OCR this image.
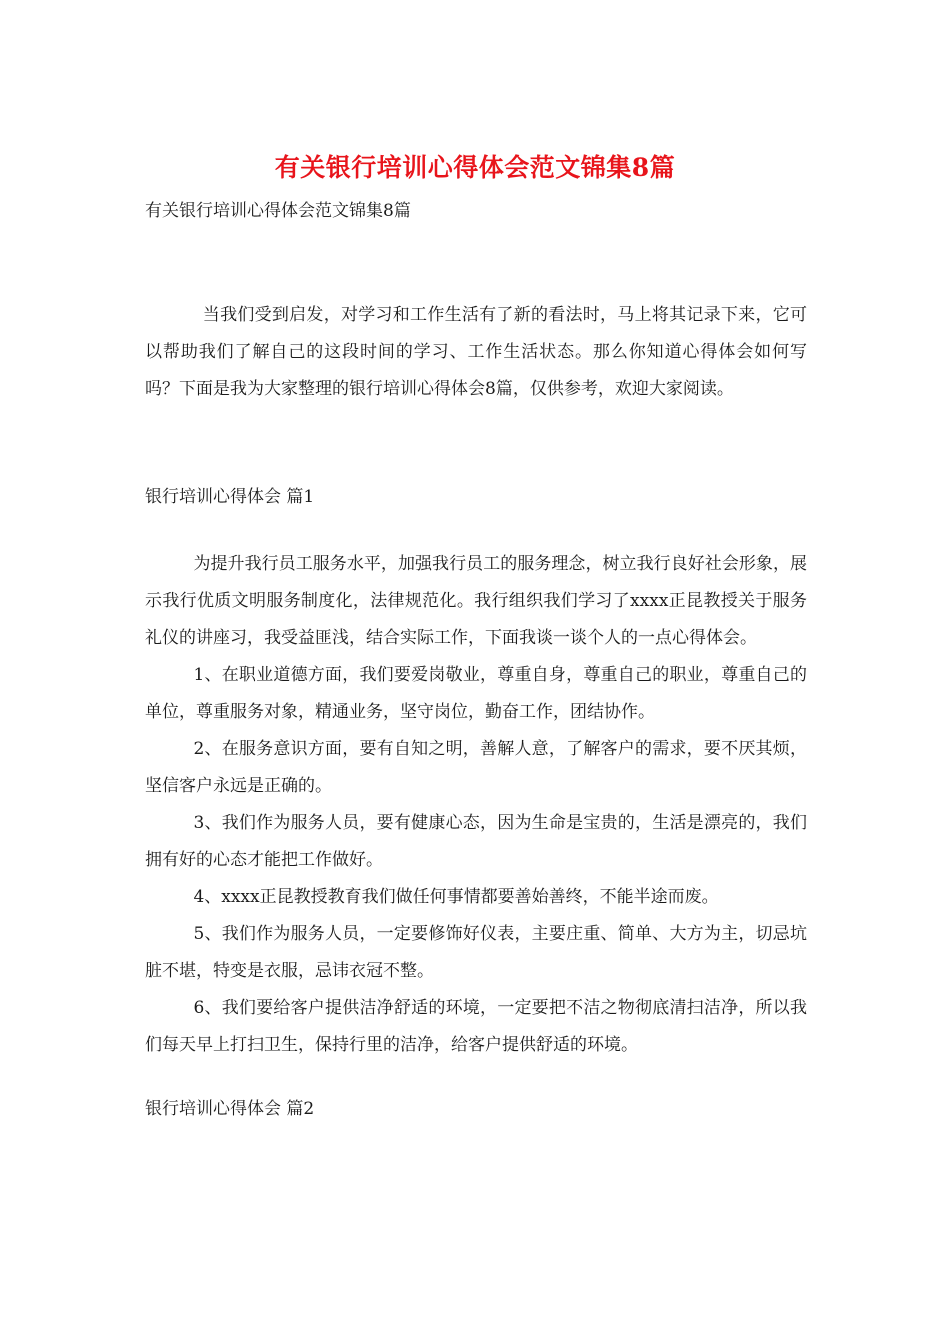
有关银行培训心得体会范文锦集8篇
有关银行培训心得体会范文锦集8篇

当我们受到启发，对学习和工作生活有了新的看法时，马上将其记录下来，它可以帮助我们了解自己的这段时间的学习、工作生活状态。那么你知道心得体会如何写吗？下面是我为大家整理的银行培训心得体会8篇，仅供参考，欢迎大家阅读。

银行培训心得体会 篇1

为提升我行员工服务水平，加强我行员工的服务理念，树立我行良好社会形象，展示我行优质文明服务制度化，法律规范化。我行组织我们学习了xxxx正昆教授关于服务礼仪的讲座习，我受益匪浅，结合实际工作，下面我谈一谈个人的一点心得体会。

1、在职业道德方面，我们要爱岗敬业，尊重自身，尊重自己的职业，尊重自己的单位，尊重服务对象，精通业务，坚守岗位，勤奋工作，团结协作。

2、在服务意识方面，要有自知之明，善解人意，了解客户的需求，要不厌其烦，坚信客户永远是正确的。

3、我们作为服务人员，要有健康心态，因为生命是宝贵的，生活是漂亮的，我们拥有好的心态才能把工作做好。

4、xxxx正昆教授教育我们做任何事情都要善始善终，不能半途而废。

5、我们作为服务人员，一定要修饰好仪表，主要庄重、简单、大方为主，切忌坑脏不堪，特变是衣服，忌讳衣冠不整。

6、我们要给客户提供洁净舒适的环境，一定要把不洁之物彻底清扫洁净，所以我们每天早上打扫卫生，保持行里的洁净，给客户提供舒适的环境。

银行培训心得体会 篇2
